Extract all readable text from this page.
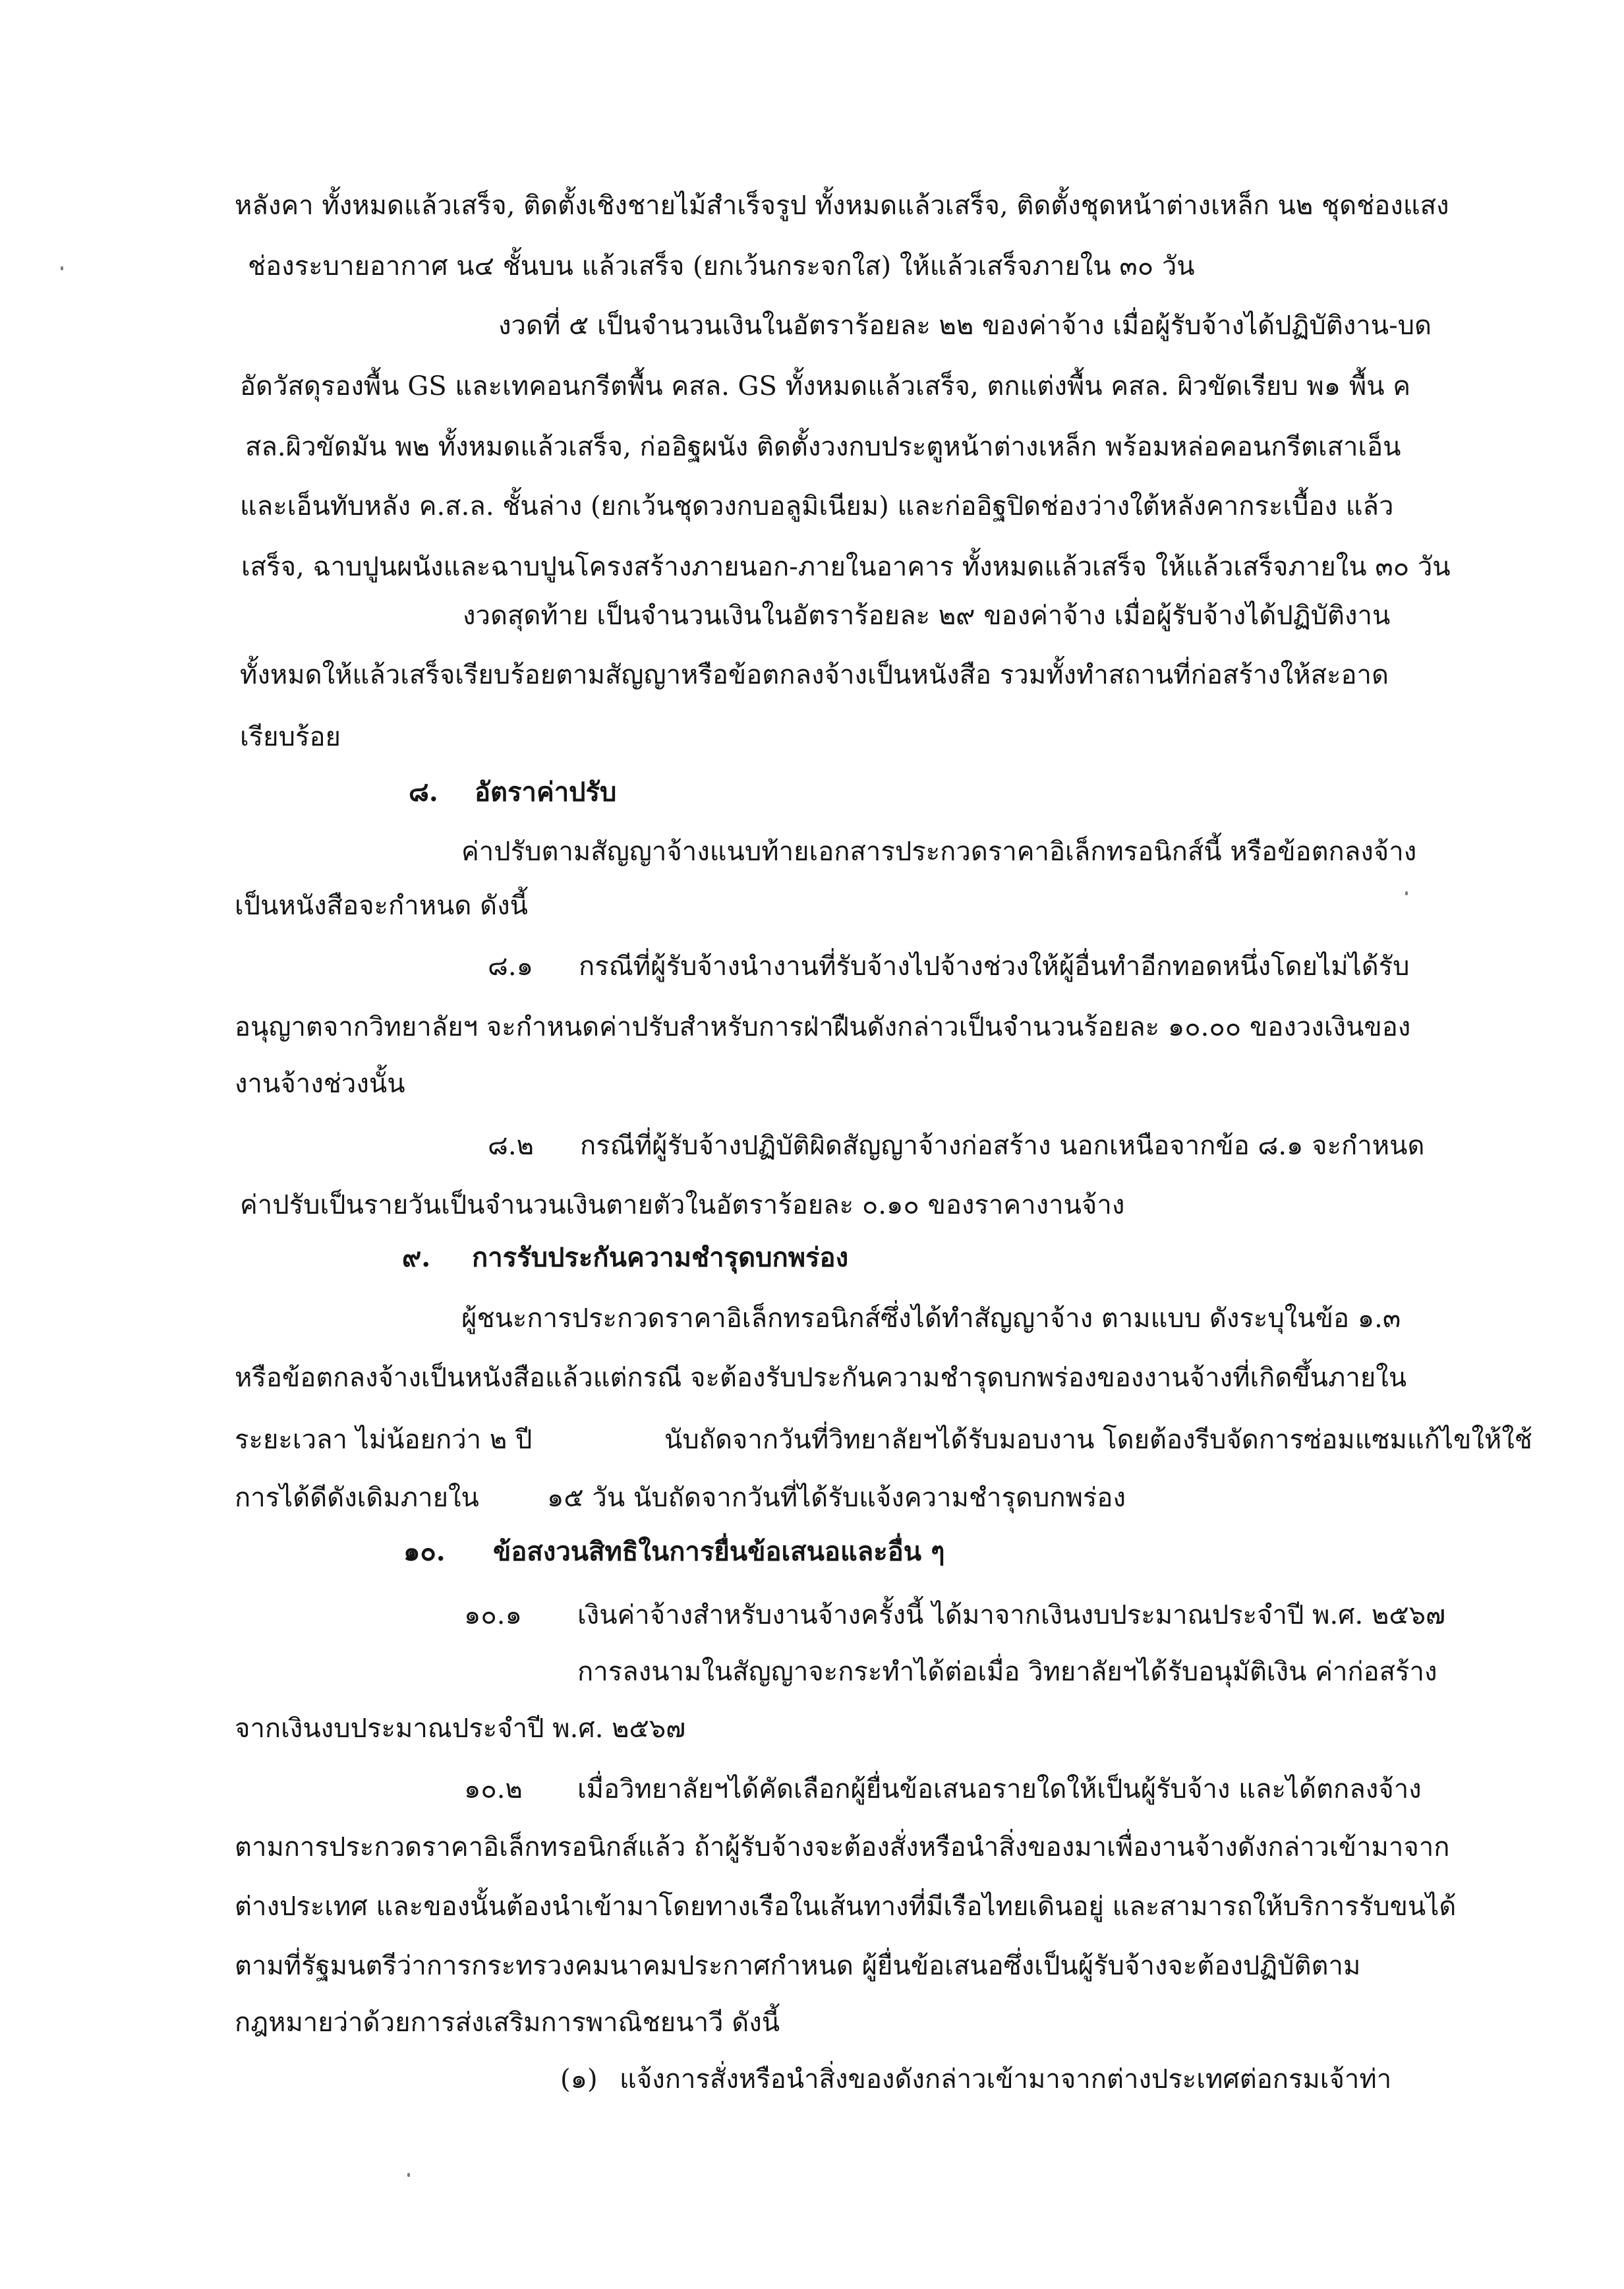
หลังคา ทั้งหมดแล้วเสร็จ, ติดตั้งเชิงชายไม้สำเร็จรูป ทั้งหมดแล้วเสร็จ, ติดตั้งชุดหน้าต่างเหล็ก น๒ ชุดช่องแสง
ช่องระบายอากาศ น๔ ชั้นบน แล้วเสร็จ (ยกเว้นกระจกใส) ให้แล้วเสร็จภายใน ๓๐ วัน
งวดที่ ๕ เป็นจำนวนเงินในอัตราร้อยละ ๒๒ ของค่าจ้าง เมื่อผู้รับจ้างได้ปฏิบัติงาน-บด
อัดวัสดุรองพื้น GS และเทคอนกรีตพื้น คสล. GS ทั้งหมดแล้วเสร็จ, ตกแต่งพื้น คสล. ผิวขัดเรียบ พ๑ พื้น ค
สล.ผิวขัดมัน พ๒ ทั้งหมดแล้วเสร็จ, ก่ออิฐผนัง ติดตั้งวงกบประตูหน้าต่างเหล็ก พร้อมหล่อคอนกรีตเสาเอ็น
และเอ็นทับหลัง ค.ส.ล. ชั้นล่าง (ยกเว้นชุดวงกบอลูมิเนียม) และก่ออิฐปิดช่องว่างใต้หลังคากระเบื้อง แล้ว
เสร็จ, ฉาบปูนผนังและฉาบปูนโครงสร้างภายนอก-ภายในอาคาร ทั้งหมดแล้วเสร็จ ให้แล้วเสร็จภายใน ๓๐ วัน
งวดสุดท้าย เป็นจำนวนเงินในอัตราร้อยละ ๒๙ ของค่าจ้าง เมื่อผู้รับจ้างได้ปฏิบัติงาน
ทั้งหมดให้แล้วเสร็จเรียบร้อยตามสัญญาหรือข้อตกลงจ้างเป็นหนังสือ รวมทั้งทำสถานที่ก่อสร้างให้สะอาด
เรียบร้อย
๘. อัตราค่าปรับ
ค่าปรับตามสัญญาจ้างแนบท้ายเอกสารประกวดราคาอิเล็กทรอนิกส์นี้ หรือข้อตกลงจ้าง
เป็นหนังสือจะกำหนด ดังนี้
๘.๑ กรณีที่ผู้รับจ้างนำงานที่รับจ้างไปจ้างช่วงให้ผู้อื่นทำอีกทอดหนึ่งโดยไม่ได้รับ
อนุญาตจากวิทยาลัยฯ จะกำหนดค่าปรับสำหรับการฝ่าฝืนดังกล่าวเป็นจำนวนร้อยละ ๑๐.๐๐ ของวงเงินของ
งานจ้างช่วงนั้น
๘.๒ กรณีที่ผู้รับจ้างปฏิบัติผิดสัญญาจ้างก่อสร้าง นอกเหนือจากข้อ ๘.๑ จะกำหนด
ค่าปรับเป็นรายวันเป็นจำนวนเงินตายตัวในอัตราร้อยละ ๐.๑๐ ของราคางานจ้าง
๙. การรับประกันความชำรุดบกพร่อง
ผู้ชนะการประกวดราคาอิเล็กทรอนิกส์ซึ่งได้ทำสัญญาจ้าง ตามแบบ ดังระบุในข้อ ๑.๓
หรือข้อตกลงจ้างเป็นหนังสือแล้วแต่กรณี จะต้องรับประกันความชำรุดบกพร่องของงานจ้างที่เกิดขึ้นภายใน
ระยะเวลา ไม่น้อยกว่า ๒ ปี	นับถัดจากวันที่วิทยาลัยฯได้รับมอบงาน โดยต้องรีบจัดการซ่อมแซมแก้ไขให้ใช้
การได้ดีดังเดิมภายใน	๑๕ วัน นับถัดจากวันที่ได้รับแจ้งความชำรุดบกพร่อง
๑๐. ข้อสงวนสิทธิในการยื่นข้อเสนอและอื่น ๆ
๑๐.๑ เงินค่าจ้างสำหรับงานจ้างครั้งนี้ ได้มาจากเงินงบประมาณประจำปี พ.ศ. ๒๕๖๗
การลงนามในสัญญาจะกระทำได้ต่อเมื่อ วิทยาลัยฯได้รับอนุมัติเงิน ค่าก่อสร้าง
จากเงินงบประมาณประจำปี พ.ศ. ๒๕๖๗
๑๐.๒ เมื่อวิทยาลัยฯได้คัดเลือกผู้ยื่นข้อเสนอรายใดให้เป็นผู้รับจ้าง และได้ตกลงจ้าง
ตามการประกวดราคาอิเล็กทรอนิกส์แล้ว ถ้าผู้รับจ้างจะต้องสั่งหรือนำสิ่งของมาเพื่องานจ้างดังกล่าวเข้ามาจาก
ต่างประเทศ และของนั้นต้องนำเข้ามาโดยทางเรือในเส้นทางที่มีเรือไทยเดินอยู่ และสามารถให้บริการรับขนได้
ตามที่รัฐมนตรีว่าการกระทรวงคมนาคมประกาศกำหนด ผู้ยื่นข้อเสนอซึ่งเป็นผู้รับจ้างจะต้องปฏิบัติตาม
กฎหมายว่าด้วยการส่งเสริมการพาณิชยนาวี ดังนี้
(๑) แจ้งการสั่งหรือนำสิ่งของดังกล่าวเข้ามาจากต่างประเทศต่อกรมเจ้าท่า
